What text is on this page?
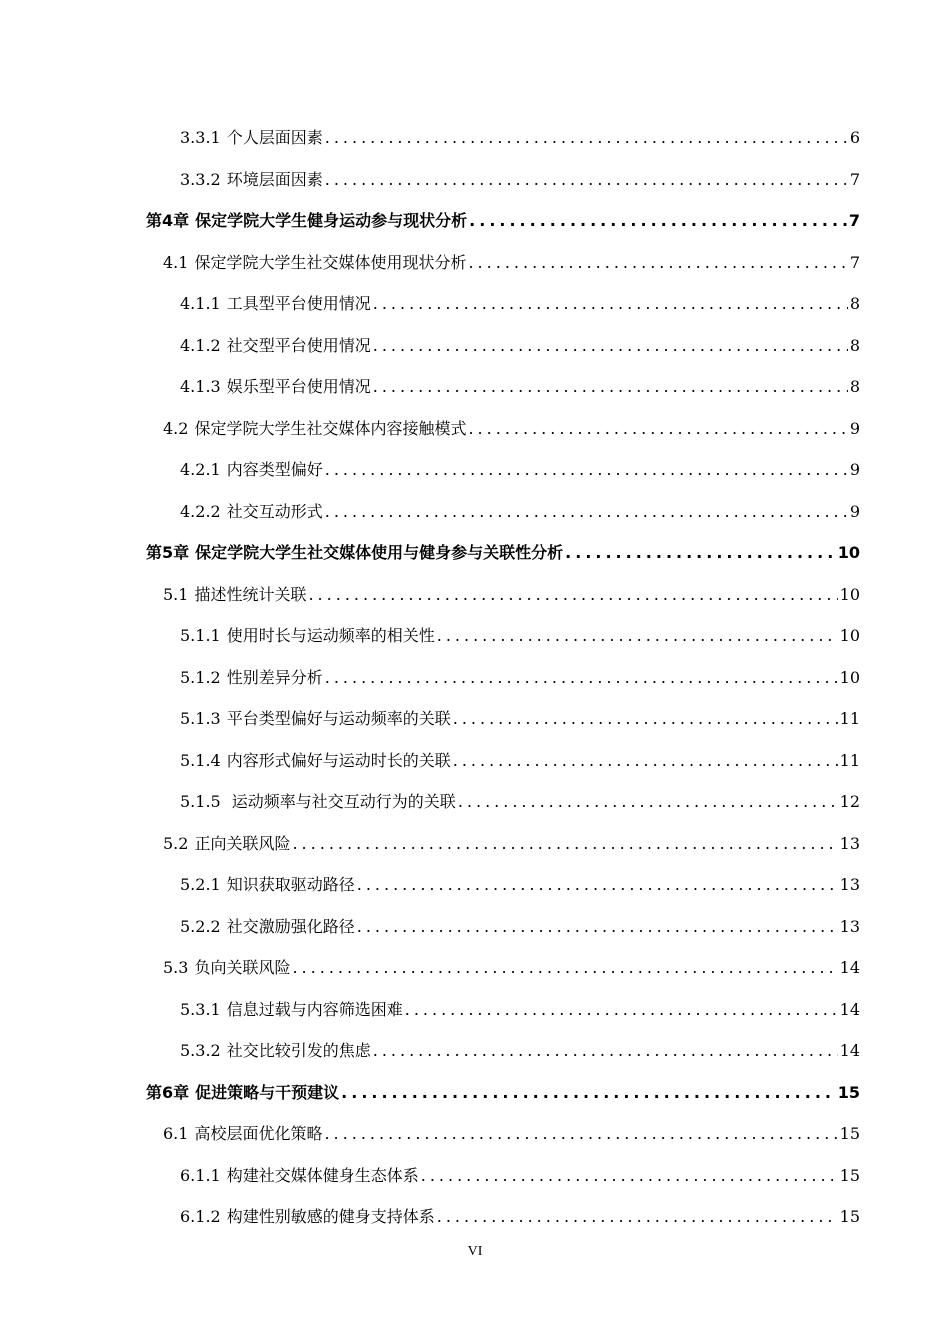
3.3.1 个人层面因素 .....	6
3.3.2 环境层面因素 .....	7
第4章 保定学院大学生健身运动参与现状分析 .....	7
4.1 保定学院大学生社交媒体使用现状分析 .....	7
4.1.1 工具型平台使用情况 .....	8
4.1.2 社交型平台使用情况 .....	8
4.1.3 娱乐型平台使用情况 .....	8
4.2 保定学院大学生社交媒体内容接触模式 .....	9
4.2.1 内容类型偏好 .....	9
4.2.2 社交互动形式 .....	9
第5章 保定学院大学生社交媒体使用与健身参与关联性分析 .....	10
5.1 描述性统计关联 .....	10
5.1.1 使用时长与运动频率的相关性 .....	10
5.1.2 性别差异分析 .....	10
5.1.3 平台类型偏好与运动频率的关联 .....	11
5.1.4 内容形式偏好与运动时长的关联 .....	11
5.1.5 运动频率与社交互动行为的关联 .....	12
5.2 正向关联风险 .....	13
5.2.1 知识获取驱动路径 .....	13
5.2.2 社交激励强化路径 .....	13
5.3 负向关联风险 .....	14
5.3.1 信息过载与内容筛选困难 .....	14
5.3.2 社交比较引发的焦虑 .....	14
第6章 促进策略与干预建议 .....	15
6.1 高校层面优化策略 .....	15
6.1.1 构建社交媒体健身生态体系 .....	15
6.1.2 构建性别敏感的健身支持体系 .....	15
VI
